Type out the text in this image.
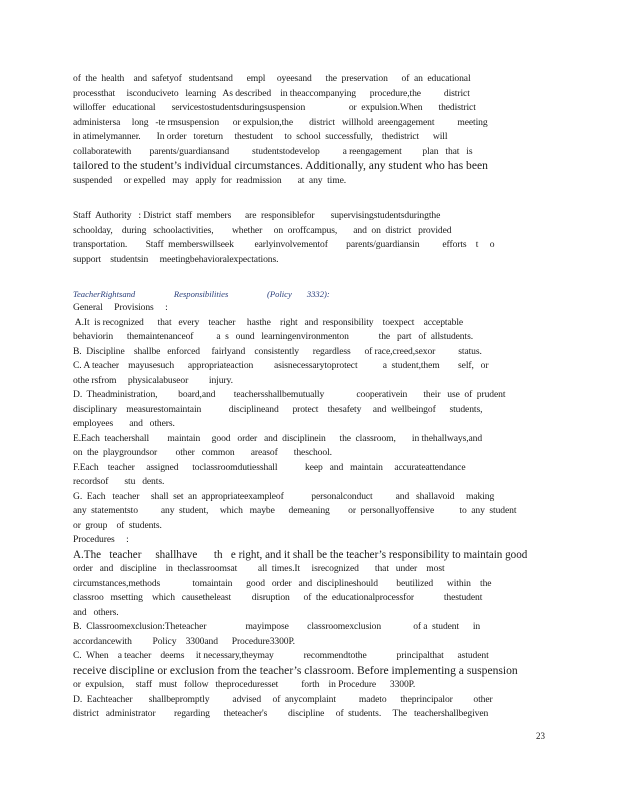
of  the  health    and  safetyof   studentsand      empl     oyeesand      the  preservation      of  an  educational
processthat     isconducivetο   learning   As described    in theaccompanying      procedure,the          district
willoffer   educational       servicestostudentsduringsuspension                   or  expulsion.When       thedistrict
administersa     long   -te rmsuspension      or expulsion,the       district   willhold  areengagement          meeting
in atimelymanner.       In order   toreturn     thestudent     to  school  successfully,    thedistrict      will
collaboratewith        parents/guardiansand          studentstodevelop          a reengagement         plan   that   is
tailored to the student’s individual circumstances. Additionally, any student who has been
suspended     or expelled   may   apply  for  readmission       at  any  time.
Staff  Authority   : District  staff  members      are  responsiblefor       supervisingstudentsduringthe
schoolday,    during   schoolactivities,        whether     on  oroffcampus,       and  on  district   provided
transportation.        Staff  memberswillseek         earlyinvolvementof        parents/guardiansin          efforts    t     o
support    studentsin     meetingbehavioralexpectations.
TeacherRightsand                  Responsibilities                  (Policy       3332):
General     Provisions     :
A.It  is recognized      that   every    teacher     hasthe    right   and  responsibility    toexpect    acceptable
behaviorin      themaintenanceof          a  s   ound   learningenvironmenton             the   part   of  allstudents.
B.  Discipline    shallbe   enforced     fairlyand    consistently      regardless      of race,creed,sexor          status.
C. A teacher    mayusesuch      appropriateaction         asisnecessarytoprotect           a  student,them        self,   or
othe rsfrom     physicalabuseor         injury.
D.  Theadministration,         board,and        teachersshallbemutually              cooperativein       their   use  of  prudent
disciplinary    measurestomaintain            disciplineand      protect    thesafety     and  wellbeingof      students,
employees       and   others.
E.Each  teachershall        maintain     good   order   and  disciplinein      the  classroom,       in thehallways,and
on  the  playgroundsor        other   common       areasof       theschool.
F.Each    teacher     assigned      toclassroomdutiesshall            keep   and   maintain     accurateattendance
recordsof       stu   dents.
G.  Each   teacher     shall  set  an  appropriateexampleof            personalconduct          and   shallavoid     making
any  statementsto          any  student,     which   maybe      demeaning        or  personallyoffensive           to  any  student
or  group    of  students.
Procedures     :
A.The   teacher     shallhave      th   e right, and it shall be the teacher’s responsibility to maintain good
order   and   discipline    in  theclassroomsat         all  times.It     isrecognized       that   under    most
circumstances,methods              tomaintain      good   order   and  disciplineshould        beutilized      within    the
classroo   msetting    which   causetheleast         disruption      of  the  educationalprocessfor             thestudent
and   others.
B.  Classroomexclusion:Theteacher                 mayimpose        classroomexclusion              of a  student      in
accordancewith         Policy    3300and      Procedure3300P.
C.  When    a teacher    deems     it necessary,theymay             recommendtothe             principalthat      astudent
receive discipline or exclusion from the teacher’s classroom. Before implementing a suspension
or  expulsion,     staff   must   follow   theproceduresset          forth    in Procedure      3300P.
D.  Eachteacher       shallbepromptly          advised     of  anycomplaint          madeto      theprincipalor         other
district   administrator        regarding      theteacher's         discipline     of  students.     The   teachershallbegiven
23
